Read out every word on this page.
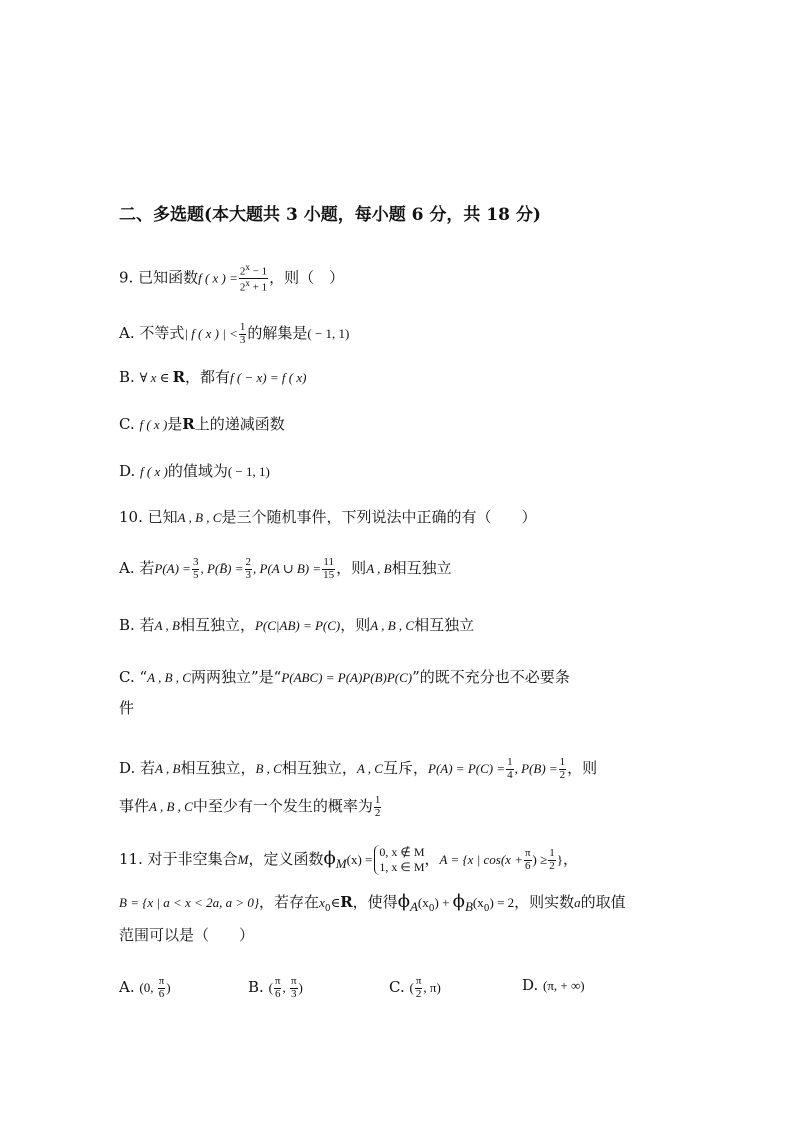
二、多选题(本大题共 3 小题，每小题 6 分，共 18 分)
9. 已知函数f ( x ) = $\frac{2^x - 1}{2^x + 1}$ ，则（　）
A. 不等式| f ( x ) | < $\frac{1}{3}$ 的解集是( − 1, 1)
B. ∀ x ∈ R，都有f ( − x) = f ( x)
C. f ( x )是R上的递减函数
D. f ( x )的值域为( − 1, 1)
10. 已知A , B , C是三个随机事件，下列说法中正确的有（　　）
A. 若$P(A) = \frac{3}{5}$ , P(B̄) = $\frac{2}{3}$ , P(A ∪ $B) = \frac{11}{15}$ ，则A , B相互独立
B. 若A , B相互独立，P(C|AB) = P(C)，则A , B , C相互独立
C. “A , B , C两两独立”是“P(ABC) = P(A)P(B)P(C)”的既不充分也不必要条
件
D. 若A , B相互独立，B , C相互独立，A , C互斥，$P(A) = P(C) = \frac{1}{4}$ , $P(B) = \frac{1}{2}$ ，则
事件A , B , C中至少有一个发生的概率为 $\frac{1}{2}$
11. 对于非空集合M，定义函数$\phi_M(x) = 0$, x ∉ M
1, x ∈ M ，A = {x | $\cos(x + \frac{\pi}{6}$ ) ≥ $\frac{1}{2}$ }，
B = {x | a < x < 2a, a > 0}，若存在$x_0\in R$，使得$\phi_A(x_0) + \phi_B(x_0) = 2$，则实数a的取值
范围可以是（　　）
A. (0, $\frac{\pi}{6}$ )	B. ( $\frac{\pi}{6}$ , $\frac{\pi}{3}$ )	C. ( $\frac{\pi}{2}$ , π)	D. (π, + ∞)
